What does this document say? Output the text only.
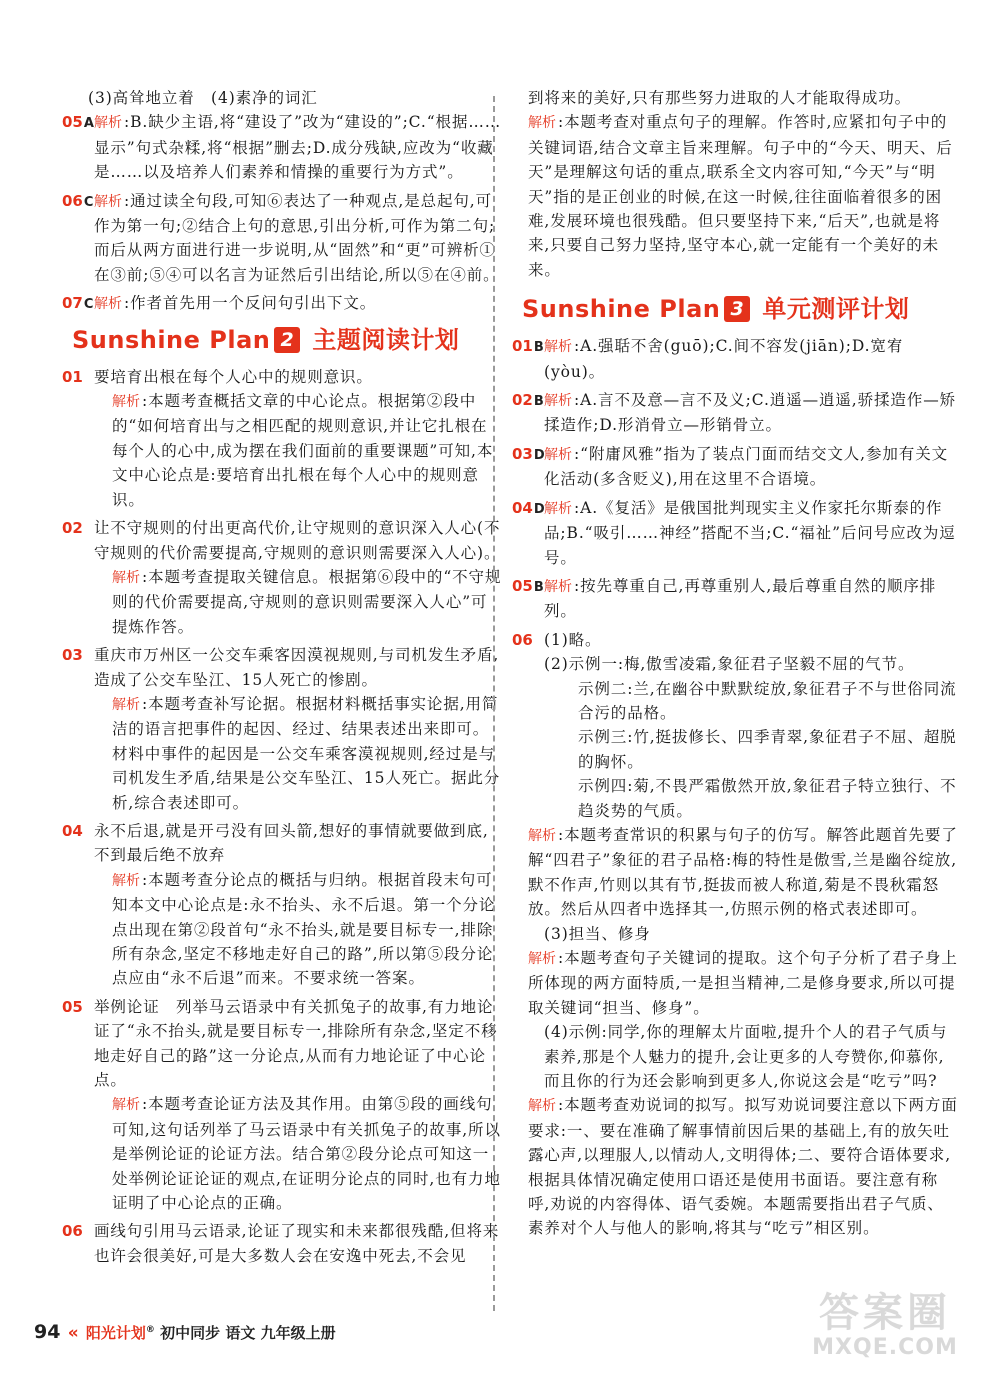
(3)高耸地立着　(4)素净的词汇
05A 解析 :B.缺少主语,将“建设了”改为“建设的”;C.“根据……显示”句式杂糅,将“根据”删去;D.成分残缺,应改为“收藏是……以及培养人们素养和情操的重要行为方式”。
06C 解析 :通过读全句段,可知⑥表达了一种观点,是总起句,可作为第一句;②结合上句的意思,引出分析,可作为第二句;而后从两方面进行进一步说明,从“固然”和“更”可辨析①在③前;⑤④可以名言为证然后引出结论,所以⑤在④前。
07C 解析 :作者首先用一个反问句引出下文。
Sunshine Plan 2 主题阅读计划
01 要培育出根在每个人心中的规则意识。
解析 :本题考查概括文章的中心论点。根据第②段中的“如何培育出与之相匹配的规则意识,并让它扎根在每个人的心中,成为摆在我们面前的重要课题”可知,本文中心论点是:要培育出扎根在每个人心中的规则意识。
02 让不守规则的付出更高代价,让守规则的意识深入人心(不守规则的代价需要提高,守规则的意识则需要深入人心)。
解析 :本题考查提取关键信息。根据第⑥段中的“不守规则的代价需要提高,守规则的意识则需要深入人心”可提炼作答。
03 重庆市万州区一公交车乘客因漠视规则,与司机发生矛盾,造成了公交车坠江、15人死亡的惨剧。
解析 :本题考查补写论据。根据材料概括事实论据,用简洁的语言把事件的起因、经过、结果表述出来即可。材料中事件的起因是一公交车乘客漠视规则,经过是与司机发生矛盾,结果是公交车坠江、15人死亡。据此分析,综合表述即可。
04 永不后退,就是开弓没有回头箭,想好的事情就要做到底,不到最后绝不放弃
解析 :本题考查分论点的概括与归纳。根据首段末句可知本文中心论点是:永不抬头、永不后退。第一个分论点出现在第②段首句“永不抬头,就是要目标专一,排除所有杂念,坚定不移地走好自己的路”,所以第⑤段分论点应由“永不后退”而来。不要求统一答案。
05 举例论证　列举马云语录中有关抓兔子的故事,有力地论证了“永不抬头,就是要目标专一,排除所有杂念,坚定不移地走好自己的路”这一分论点,从而有力地论证了中心论点。
解析 :本题考查论证方法及其作用。由第⑤段的画线句可知,这句话列举了马云语录中有关抓兔子的故事,所以是举例论证的论证方法。结合第②段分论点可知这一处举例论证论证的观点,在证明分论点的同时,也有力地证明了中心论点的正确。
06 画线句引用马云语录,论证了现实和未来都很残酷,但将来也许会很美好,可是大多数人会在安逸中死去,不会见
到将来的美好,只有那些努力进取的人才能取得成功。
解析 :本题考查对重点句子的理解。作答时,应紧扣句子中的关键词语,结合文章主旨来理解。句子中的“今天、明天、后天”是理解这句话的重点,联系全文内容可知,“今天”与“明天”指的是正创业的时候,在这一时候,往往面临着很多的困难,发展环境也很残酷。但只要坚持下来,“后天”,也就是将来,只要自己努力坚持,坚守本心,就一定能有一个美好的未来。
Sunshine Plan 3 单元测评计划
01B 解析 :A.强聒不舍(guō);C.间不容发(jiān);D.宽宥(yòu)。
02B 解析 :A.言不及意—言不及义;C.逍遥—逍遥,骄揉造作—矫揉造作;D.形消骨立—形销骨立。
03D 解析 :“附庸风雅”指为了装点门面而结交文人,参加有关文化活动(多含贬义),用在这里不合语境。
04D 解析 :A.《复活》是俄国批判现实主义作家托尔斯泰的作品;B.“吸引……神经”搭配不当;C.“福祉”后问号应改为逗号。
05B 解析 :按先尊重自己,再尊重别人,最后尊重自然的顺序排列。
06 (1)略。
(2)示例一:梅,傲雪凌霜,象征君子坚毅不屈的气节。
示例二:兰,在幽谷中默默绽放,象征君子不与世俗同流合污的品格。
示例三:竹,挺拔修长、四季青翠,象征君子不屈、超脱的胸怀。
示例四:菊,不畏严霜傲然开放,象征君子特立独行、不趋炎势的气质。
解析 :本题考查常识的积累与句子的仿写。解答此题首先要了解“四君子”象征的君子品格:梅的特性是傲雪,兰是幽谷绽放,默不作声,竹则以其有节,挺拔而被人称道,菊是不畏秋霜怒放。然后从四者中选择其一,仿照示例的格式表述即可。
(3)担当、修身
解析 :本题考查句子关键词的提取。这个句子分析了君子身上所体现的两方面特质,一是担当精神,二是修身要求,所以可提取关键词“担当、修身”。
(4)示例:同学,你的理解太片面啦,提升个人的君子气质与素养,那是个人魅力的提升,会让更多的人夸赞你,仰慕你,而且你的行为还会影响到更多人,你说这会是“吃亏”吗?
解析 :本题考查劝说词的拟写。拟写劝说词要注意以下两方面要求:一、要在准确了解事情前因后果的基础上,有的放矢吐露心声,以理服人,以情动人,文明得体;二、要符合语体要求,根据具体情况确定使用口语还是使用书面语。要注意有称呼,劝说的内容得体、语气委婉。本题需要指出君子气质、素养对个人与他人的影响,将其与“吃亏”相区别。
94 « 阳光计划® 初中同步 语文 九年级上册	答案圈
MXQE.COM
